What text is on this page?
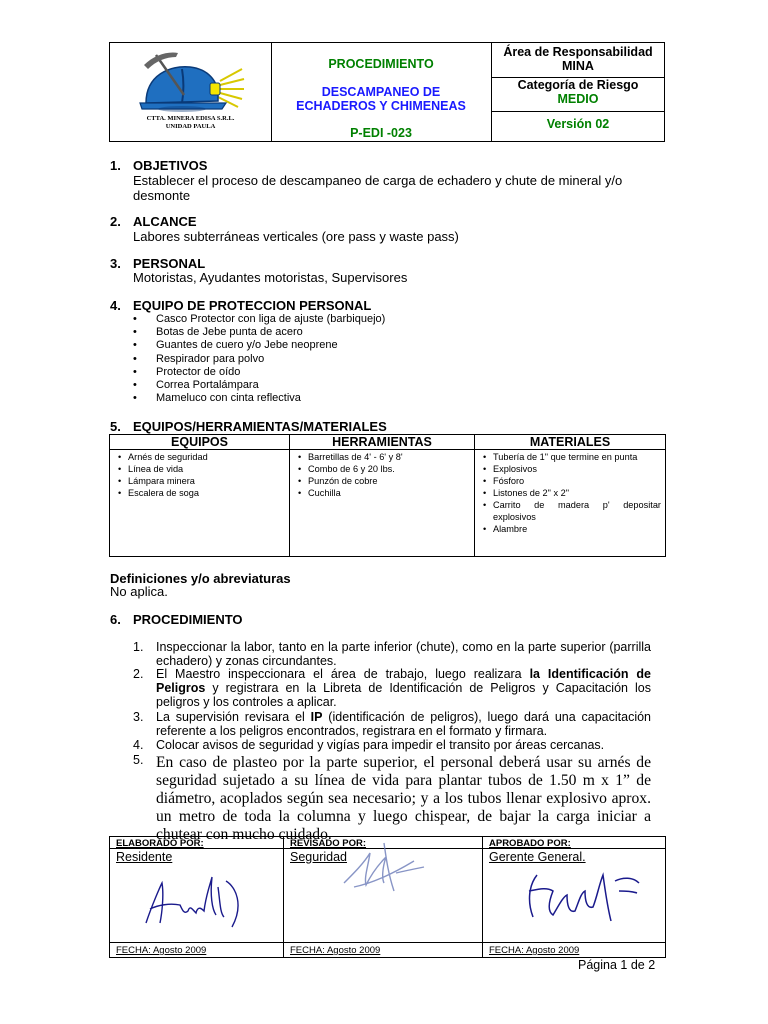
CTTA. MINERA EDISA S.R.L.
UNIDAD PAULA
PROCEDIMIENTO
DESCAMPANEO DE
ECHADEROS Y CHIMENEAS
P-EDI -023
Área de Responsabilidad
MINA
Categoría de Riesgo
MEDIO
Versión 02
1. OBJETIVOS
Establecer el proceso de descampaneo de carga de echadero y chute de mineral y/o desmonte
2. ALCANCE
Labores subterráneas verticales (ore pass y waste pass)
3. PERSONAL
Motoristas, Ayudantes motoristas, Supervisores
4. EQUIPO DE PROTECCION PERSONAL
• Casco Protector con liga de ajuste (barbiquejo)
• Botas de Jebe punta de acero
• Guantes de cuero y/o Jebe neoprene
• Respirador para polvo
• Protector de oído
• Correa Portalámpara
• Mameluco con cinta reflectiva
5. EQUIPOS/HERRAMIENTAS/MATERIALES
EQUIPOS
• Arnés de seguridad
• Línea de vida
• Lámpara minera
• Escalera de soga
HERRAMIENTAS
• Barretillas de 4' - 6' y 8'
• Combo de 6 y 20 lbs.
• Punzón de cobre
• Cuchilla
MATERIALES
• Tubería de 1" que termine en punta
• Explosivos
• Fósforo
• Listones de 2" x 2"
• Carrito de madera p' depositar explosivos
• Alambre
Definiciones y/o abreviaturas
No aplica.
6. PROCEDIMIENTO
1. Inspeccionar la labor, tanto en la parte inferior (chute), como en la parte superior (parrilla echadero) y zonas circundantes.
2. El Maestro inspeccionara el área de trabajo, luego realizara la Identificación de Peligros y registrara en la Libreta de Identificación de Peligros y Capacitación los peligros y los controles a aplicar.
3. La supervisión revisara el IP (identificación de peligros), luego dará una capacitación referente a los peligros encontrados, registrara en el formato y firmara.
4. Colocar avisos de seguridad y vigías para impedir el transito por áreas cercanas.
5. En caso de plasteo por la parte superior, el personal deberá usar su arnés de seguridad sujetado a su línea de vida para plantar tubos de 1.50 m x 1” de diámetro, acoplados según sea necesario; y a los tubos llenar explosivo aprox. un metro de toda la columna y luego chispear, de bajar la carga iniciar a chutear con mucho cuidado.
ELABORADO POR:
Residente
FECHA: Agosto 2009
REVISADO POR:
Seguridad
FECHA: Agosto 2009
APROBADO POR:
Gerente General.
FECHA: Agosto 2009
Página 1 de 2
